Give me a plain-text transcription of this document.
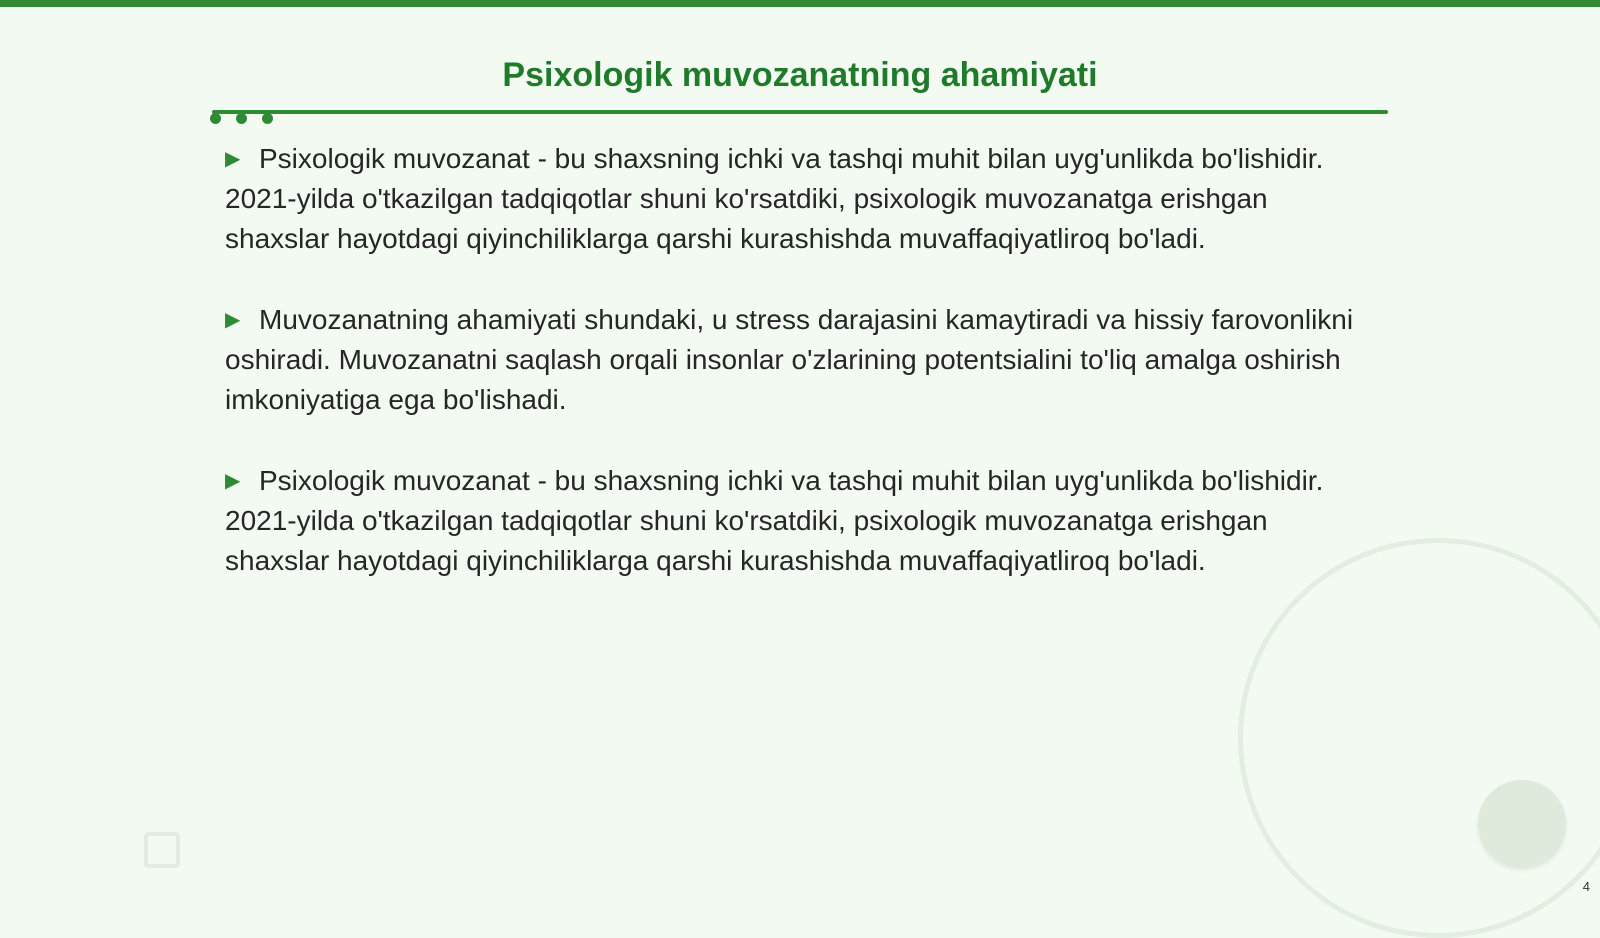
Psixologik muvozanatning ahamiyati

▶ Psixologik muvozanat - bu shaxsning ichki va tashqi muhit bilan uyg'unlikda bo'lishidir. 2021-yilda o'tkazilgan tadqiqotlar shuni ko'rsatdiki, psixologik muvozanatga erishgan shaxslar hayotdagi qiyinchiliklarga qarshi kurashishda muvaffaqiyatliroq bo'ladi.

▶ Muvozanatning ahamiyati shundaki, u stress darajasini kamaytiradi va hissiy farovonlikni oshiradi. Muvozanatni saqlash orqali insonlar o'zlarining potentsialini to'liq amalga oshirish imkoniyatiga ega bo'lishadi.

▶ Psixologik muvozanat - bu shaxsning ichki va tashqi muhit bilan uyg'unlikda bo'lishidir. 2021-yilda o'tkazilgan tadqiqotlar shuni ko'rsatdiki, psixologik muvozanatga erishgan shaxslar hayotdagi qiyinchiliklarga qarshi kurashishda muvaffaqiyatliroq bo'ladi.

4
